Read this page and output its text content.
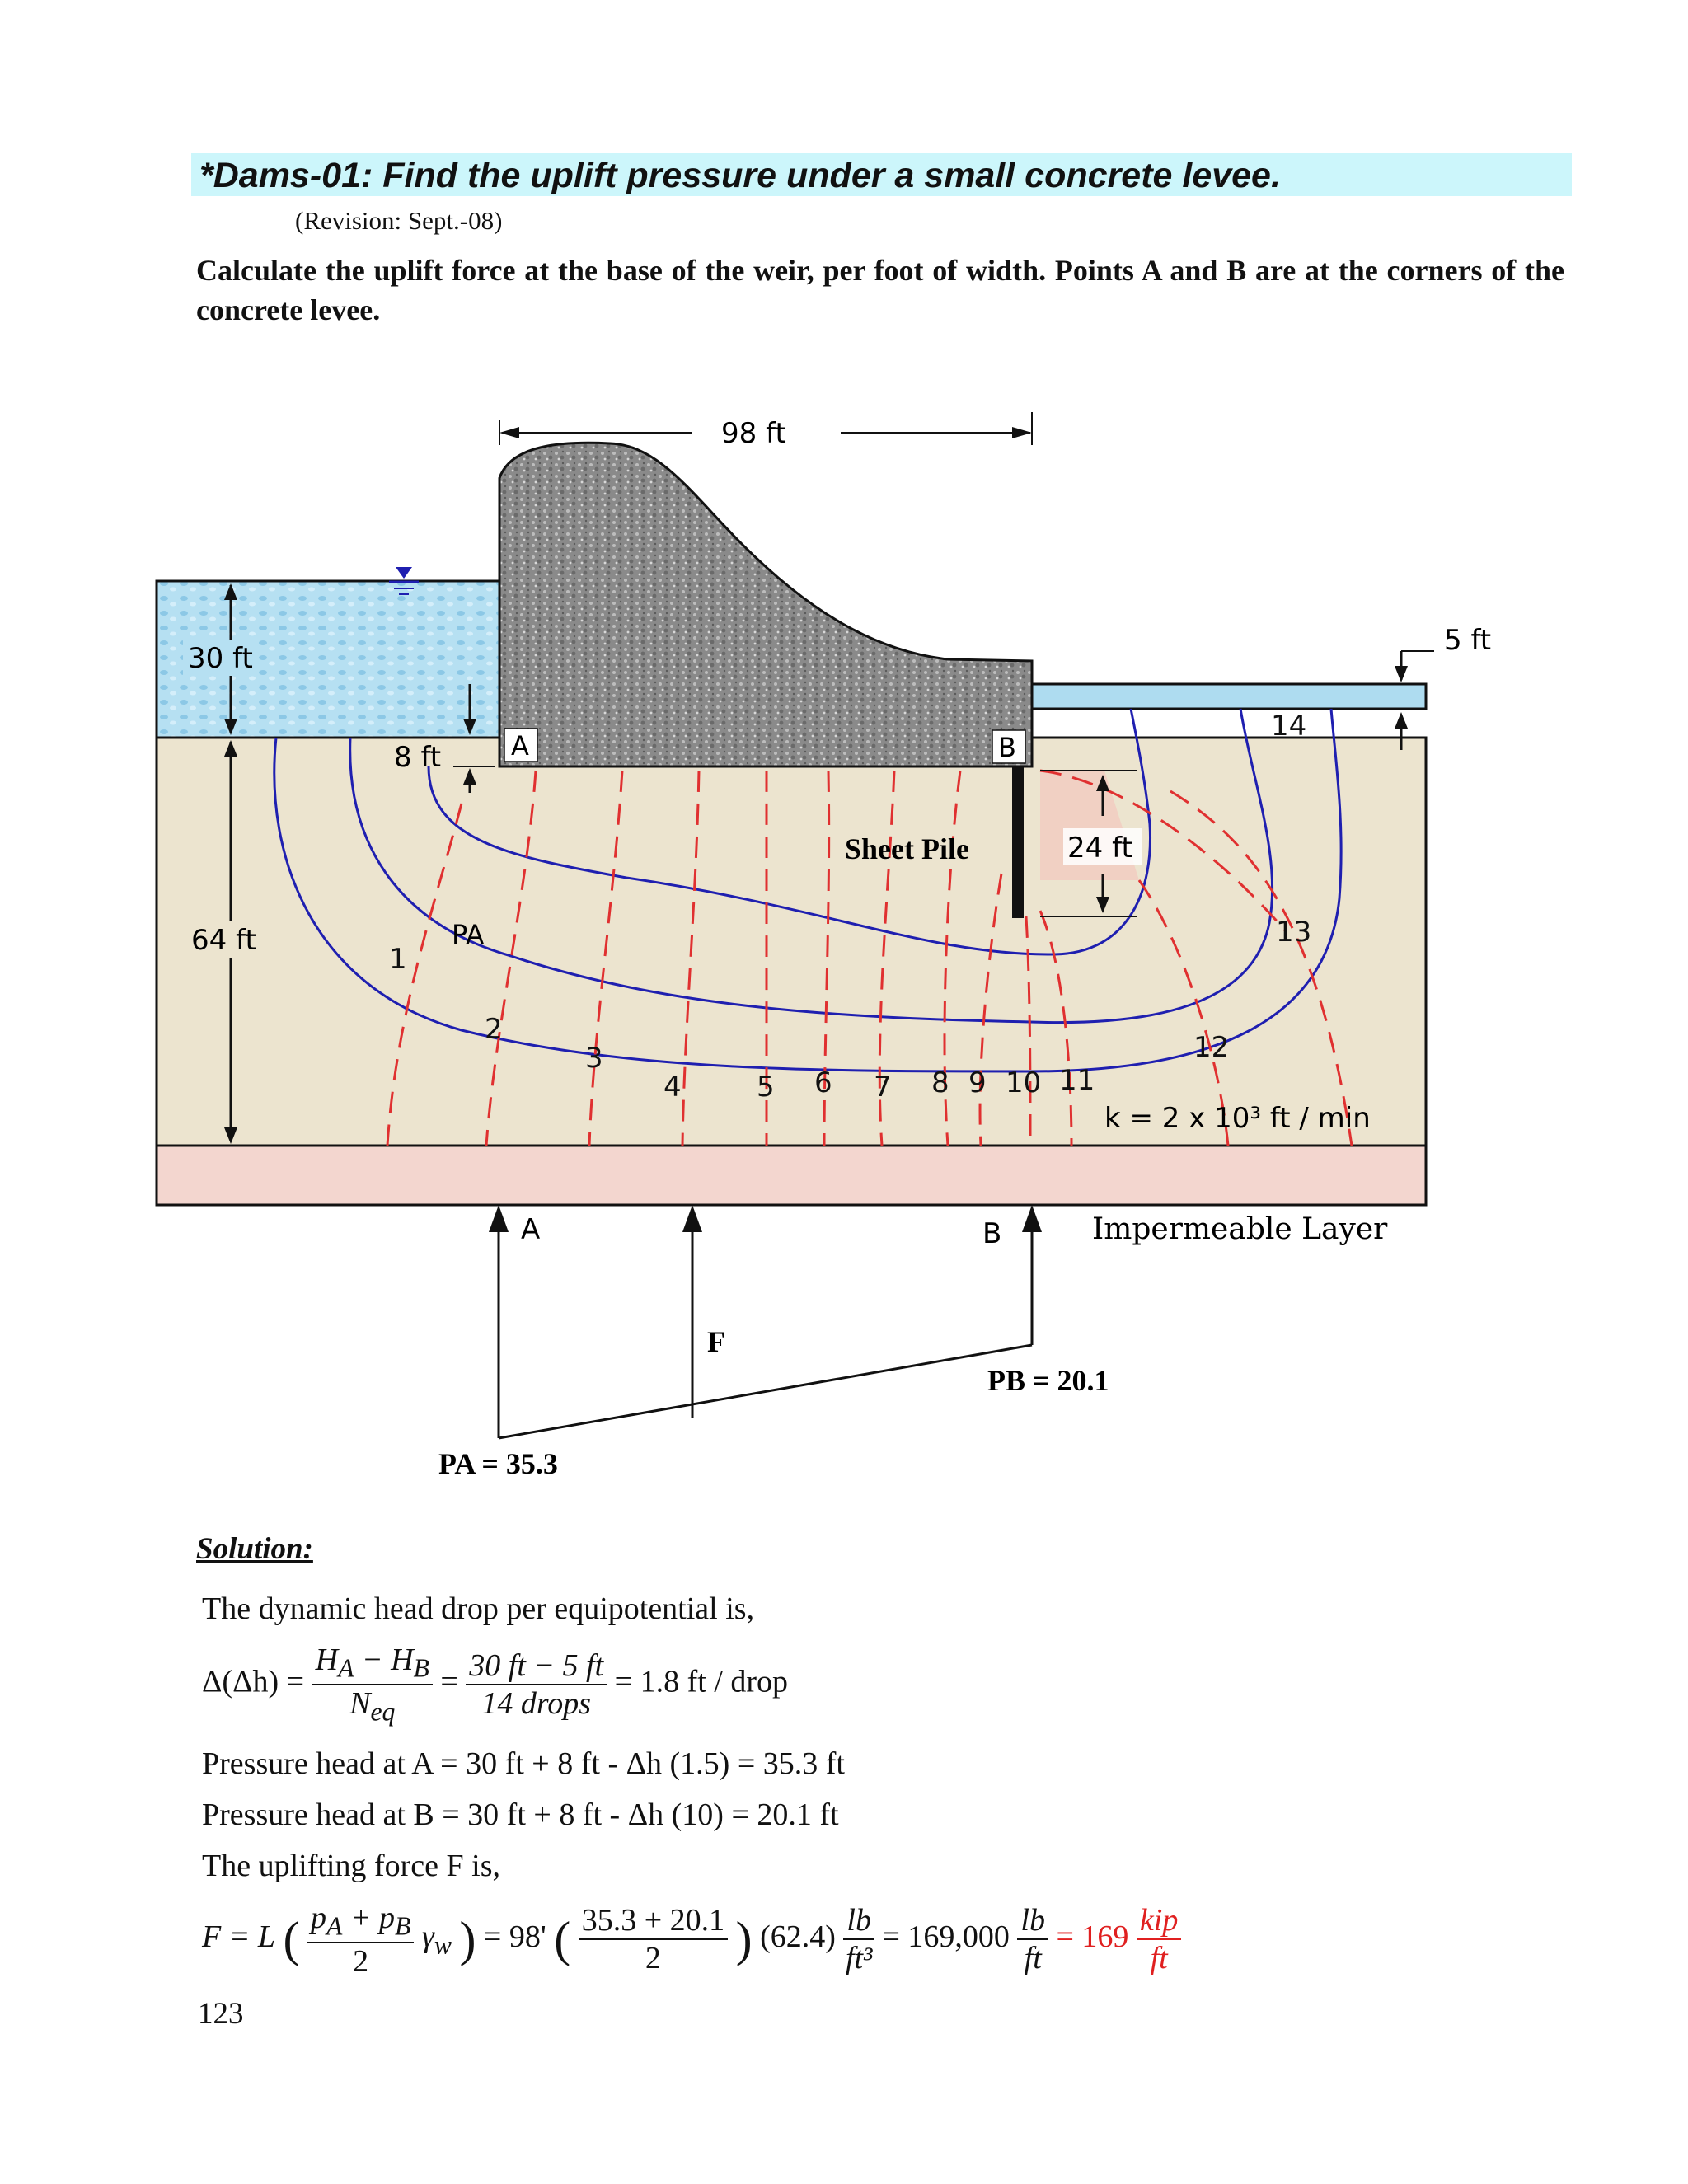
*Dams-01: Find the uplift pressure under a small concrete levee.
(Revision: Sept.-08)
Calculate the uplift force at the base of the weir, per foot of width. Points A and B are at the corners of the concrete levee.
98 ft
30 ft
64 ft
8 ft
5 ft
24 ft
A	B
Sheet Pile
PA
1
2
3
4	5 6 7 8 9 10 11
12
13
14
k = 2 x 10³ ft / min
Impermeable Layer
A	B
F
PB = 20.1
PA = 35.3
Solution:
The dynamic head drop per equipotential is,
$\Delta(\Delta h) = \frac{H_A - H_B}{N_{eq}} = \frac{30 ft - 5 ft}{\text{14 drops}} = 1.8$ ft / drop
Pressure head at A = 30 ft + 8 ft - Δh (1.5) = 35.3 ft
Pressure head at B = 30 ft + 8 ft - Δh (10) = 20.1 ft
The uplifting force F is,
F = L ( $\frac{p_A + p_B}{2} \gamma_w$ ) = 98' ( $\frac{35.3 + 20.1}{2}$ ) $(62.4) \frac{lb}{\text{ft³}} = 169,000 \frac{lb}{ft} = 169 \frac{\text{kip}}{ft}$
123
